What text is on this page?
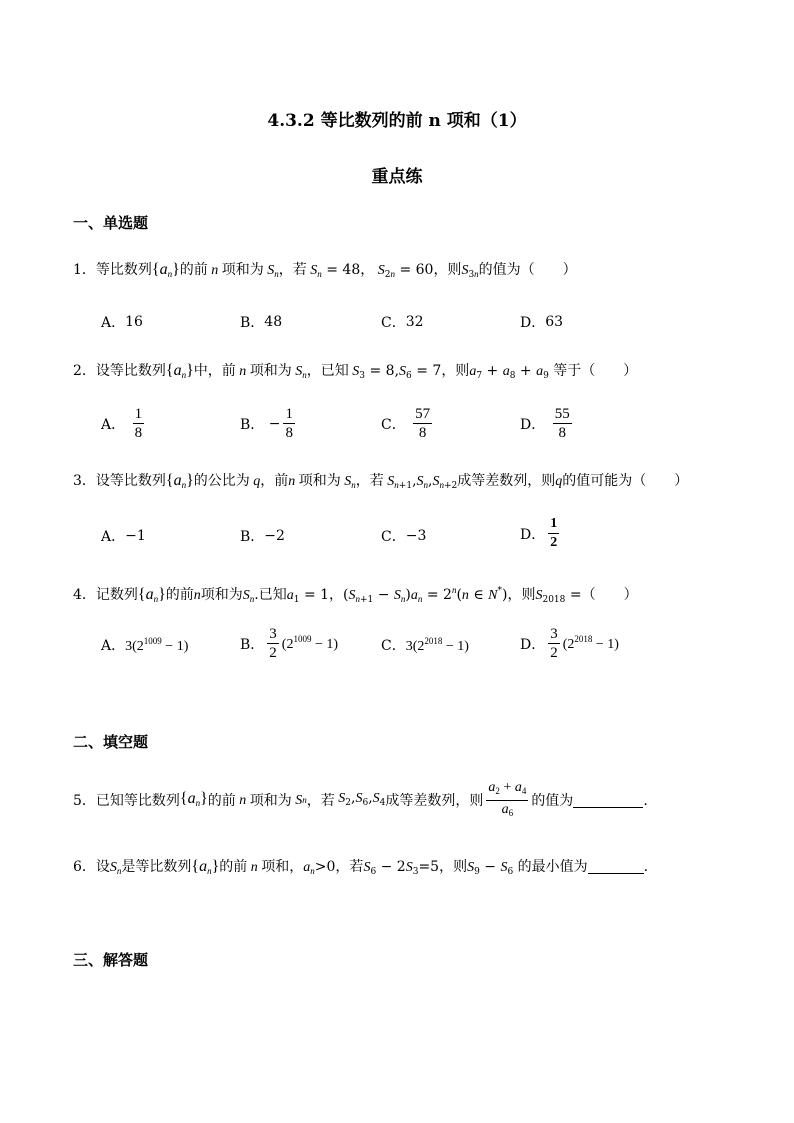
4.3.2 等比数列的前 n 项和（1）
重点练
一、单选题
1．等比数列$\{a_n\}$的前 n 项和为 $S_n$，若 $S_n = 48$， $S_{2n} = 60$，则$S_{3n}$的值为（　　）
A． 16	B． 48	C． 32	D． 63
2．设等比数列$\{a_n\}$中，前 n 项和为 $S_n$，已知 $S_3 = 8,S_6 = 7$，则$a_7 + a_8 + a_9$ 等于（　　）
A．
$\frac{1}{8}$	B．
− $\frac{1}{8}$	C．
$\frac{57}{8}$	D．
$\frac{55}{8}$
3．设等比数列$\{a_n\}$的公比为 q，前n 项和为 $S_n$，若 $S_{n+1},S_n,S_{n+2}$成等差数列，则q的值可能为（　　）
A． −1	B． −2	C． −3	D． $\frac{1}{2}$
4．记数列$\{a_n\}$的前n项和为$S_n$.已知$a_1 = 1$，$(S_{n+1} - S_n)a_n = 2^n(n$ ∈ N*)，则$S_{2018}$ =（　　）
A． $3(2^{1009} - 1)$	B． $\frac{3}{2} (2^{1009} - 1)$	C． $3(2^{2018} - 1)$	D． $\frac{3}{2} (2^{2018} - 1)$
二、填空题
5． 已知等比数列 $\{a_n\}$ 的前 n 项和为 S n ，若 $S_2,S_6,S_4$ 成等差数列，则 $\frac{a_2 + a_4}{a_6}$ 的值为	.
6．设$S_n$是等比数列$\{a_n\}$的前 n 项和，$a_n>0$，若$S_6 - 2S_3=5$，则$S_9 - S_6$ 的最小值为	.
三、解答题
